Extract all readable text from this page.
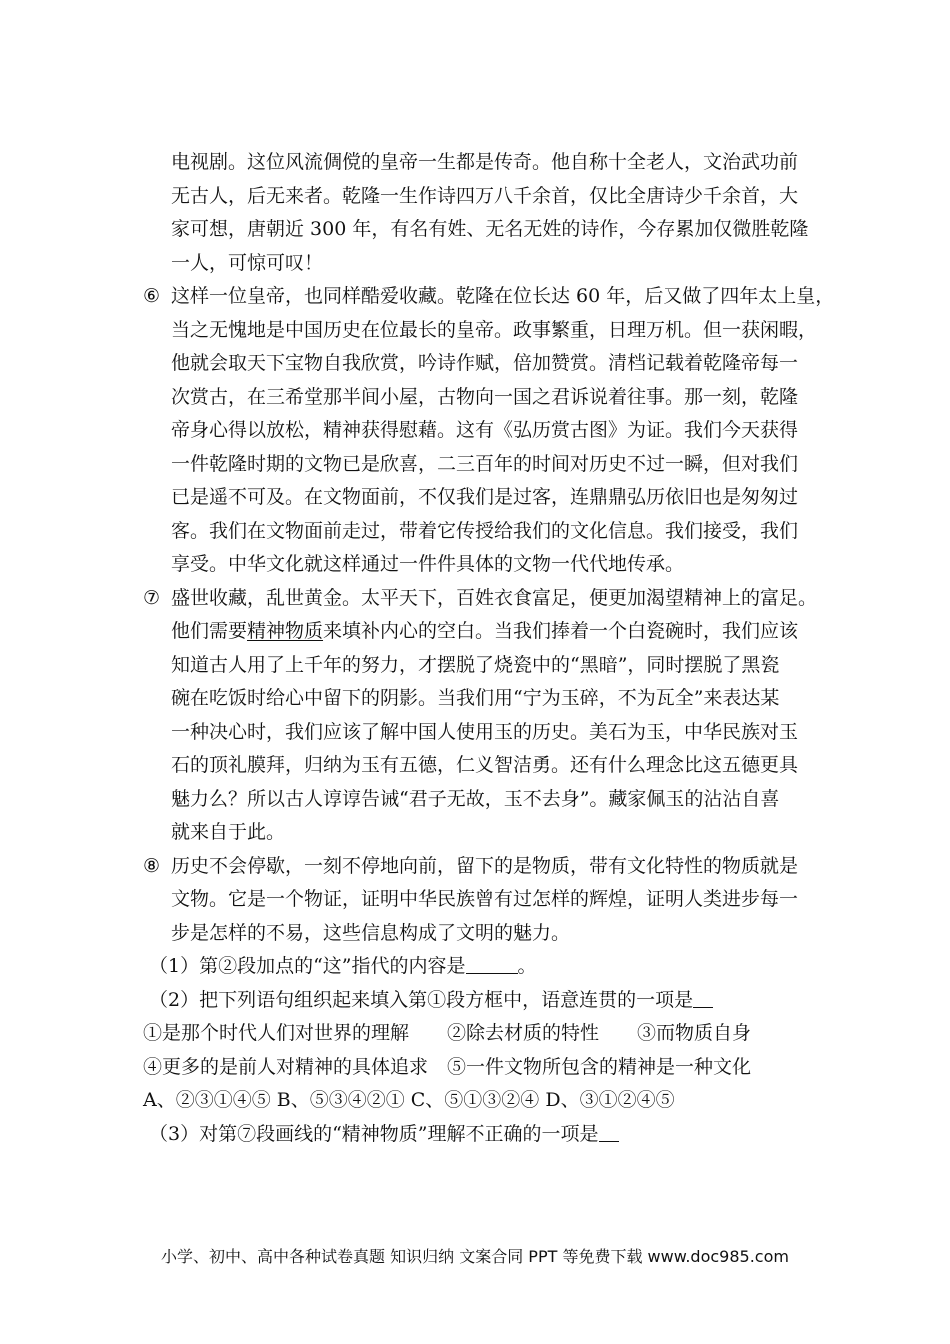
电视剧。这位风流倜傥的皇帝一生都是传奇。他自称十全老人，文治武功前
无古人，后无来者。乾隆一生作诗四万八千余首，仅比全唐诗少千余首，大
家可想，唐朝近 300 年，有名有姓、无名无姓的诗作，今存累加仅微胜乾隆
一人，可惊可叹！
⑥ 这样一位皇帝，也同样酷爱收藏。乾隆在位长达 60 年，后又做了四年太上皇，
当之无愧地是中国历史在位最长的皇帝。政事繁重，日理万机。但一获闲暇，
他就会取天下宝物自我欣赏，吟诗作赋，倍加赞赏。清档记载着乾隆帝每一
次赏古，在三希堂那半间小屋，古物向一国之君诉说着往事。那一刻，乾隆
帝身心得以放松，精神获得慰藉。这有《弘历赏古图》为证。我们今天获得
一件乾隆时期的文物已是欣喜，二三百年的时间对历史不过一瞬，但对我们
已是遥不可及。在文物面前，不仅我们是过客，连鼎鼎弘历依旧也是匆匆过
客。我们在文物面前走过，带着它传授给我们的文化信息。我们接受，我们
享受。中华文化就这样通过一件件具体的文物一代代地传承。
⑦ 盛世收藏，乱世黄金。太平天下，百姓衣食富足，便更加渴望精神上的富足。
他们需要精神物质来填补内心的空白。当我们捧着一个白瓷碗时，我们应该
知道古人用了上千年的努力，才摆脱了烧瓷中的“黑暗”，同时摆脱了黑瓷
碗在吃饭时给心中留下的阴影。当我们用“宁为玉碎，不为瓦全”来表达某
一种决心时，我们应该了解中国人使用玉的历史。美石为玉，中华民族对玉
石的顶礼膜拜，归纳为玉有五德，仁义智洁勇。还有什么理念比这五德更具
魅力么？所以古人谆谆告诫“君子无故，玉不去身”。藏家佩玉的沾沾自喜
就来自于此。
⑧ 历史不会停歇，一刻不停地向前，留下的是物质，带有文化特性的物质就是
文物。它是一个物证，证明中华民族曾有过怎样的辉煌，证明人类进步每一
步是怎样的不易，这些信息构成了文明的魅力。

（1）第②段加点的“这”指代的内容是	。

（2）把下列语句组织起来填入第①段方框中，语意连贯的一项是

①是那个时代人们对世界的理解　　②除去材质的特性　　③而物质自身

④更多的是前人对精神的具体追求　⑤一件文物所包含的精神是一种文化

A、②③①④⑤ B、⑤③④②① C、⑤①③②④ D、③①②④⑤

（3）对第⑦段画线的“精神物质”理解不正确的一项是

小学、初中、高中各种试卷真题 知识归纳 文案合同 PPT 等免费下载 www.doc985.com
